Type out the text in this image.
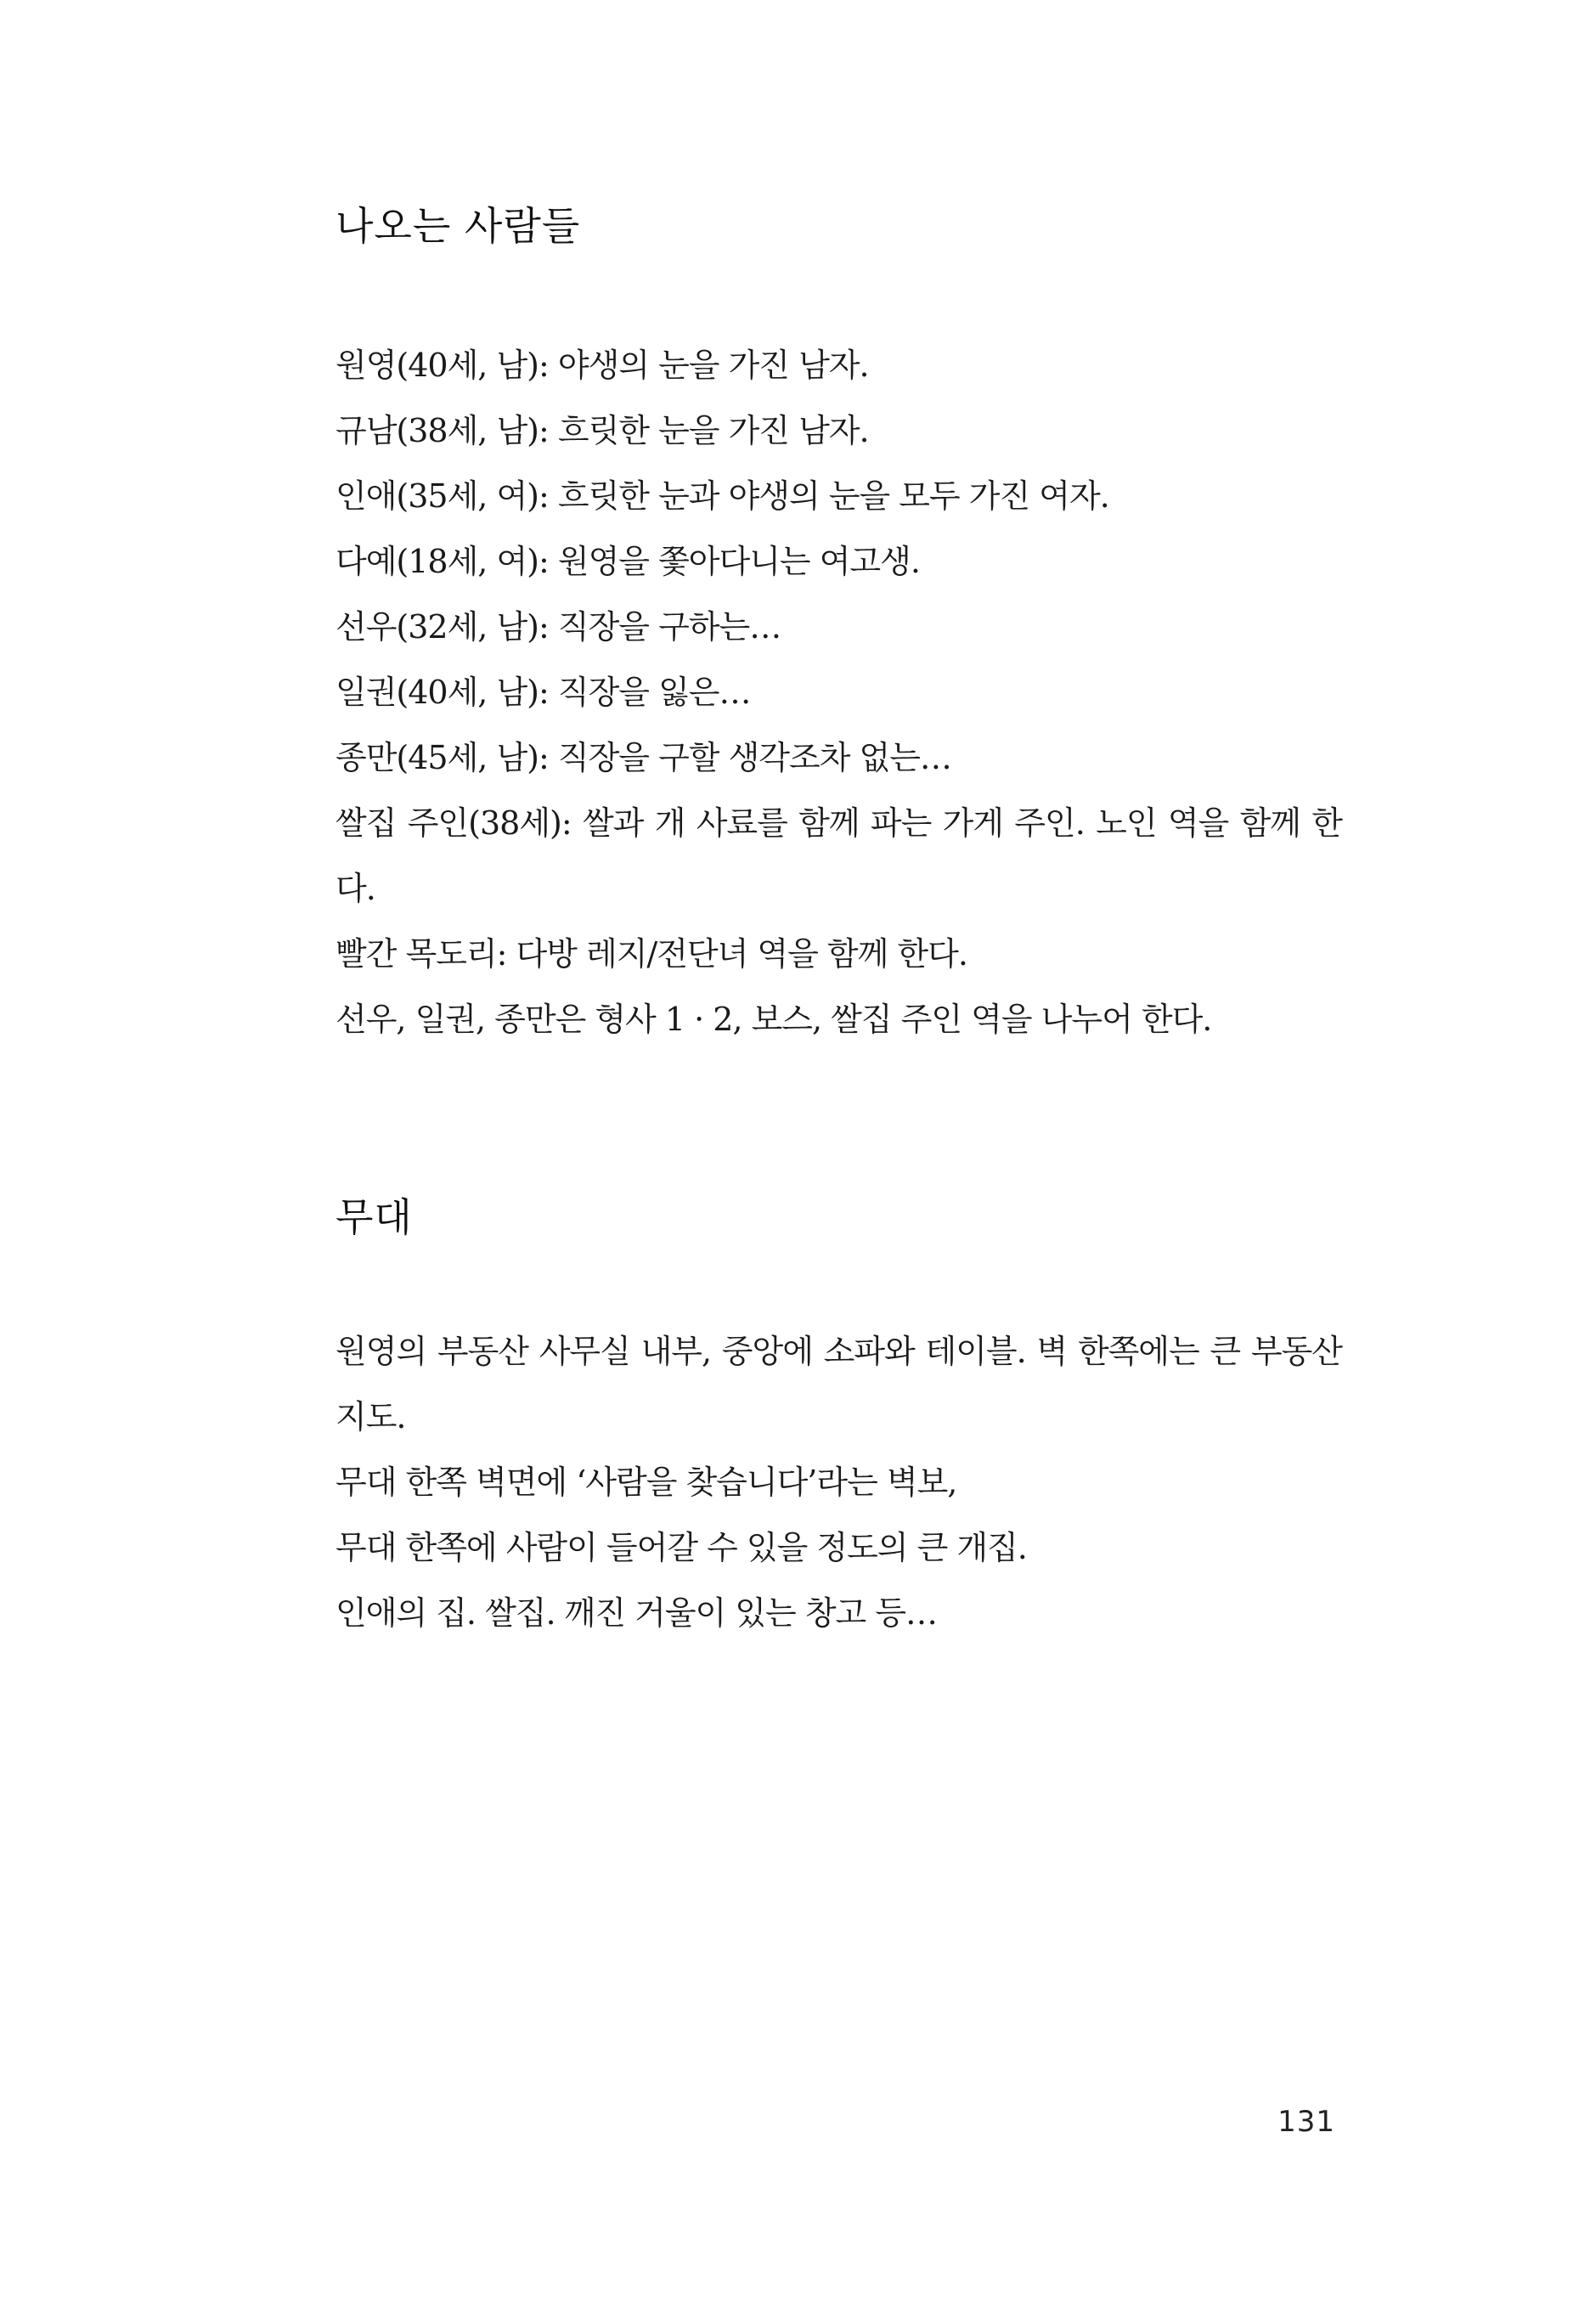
나오는 사람들
원영(40세, 남): 야생의 눈을 가진 남자.
규남(38세, 남): 흐릿한 눈을 가진 남자.
인애(35세, 여): 흐릿한 눈과 야생의 눈을 모두 가진 여자.
다예(18세, 여): 원영을 쫓아다니는 여고생.
선우(32세, 남): 직장을 구하는…
일권(40세, 남): 직장을 잃은…
종만(45세, 남): 직장을 구할 생각조차 없는…
쌀집 주인(38세): 쌀과 개 사료를 함께 파는 가게 주인. 노인 역을 함께 한다.
빨간 목도리: 다방 레지/전단녀 역을 함께 한다.
선우, 일권, 종만은 형사 1 · 2, 보스, 쌀집 주인 역을 나누어 한다.
무대
원영의 부동산 사무실 내부, 중앙에 소파와 테이블. 벽 한쪽에는 큰 부동산 지도.
무대 한쪽 벽면에 ‘사람을 찾습니다’라는 벽보,
무대 한쪽에 사람이 들어갈 수 있을 정도의 큰 개집.
인애의 집. 쌀집. 깨진 거울이 있는 창고 등…
131
